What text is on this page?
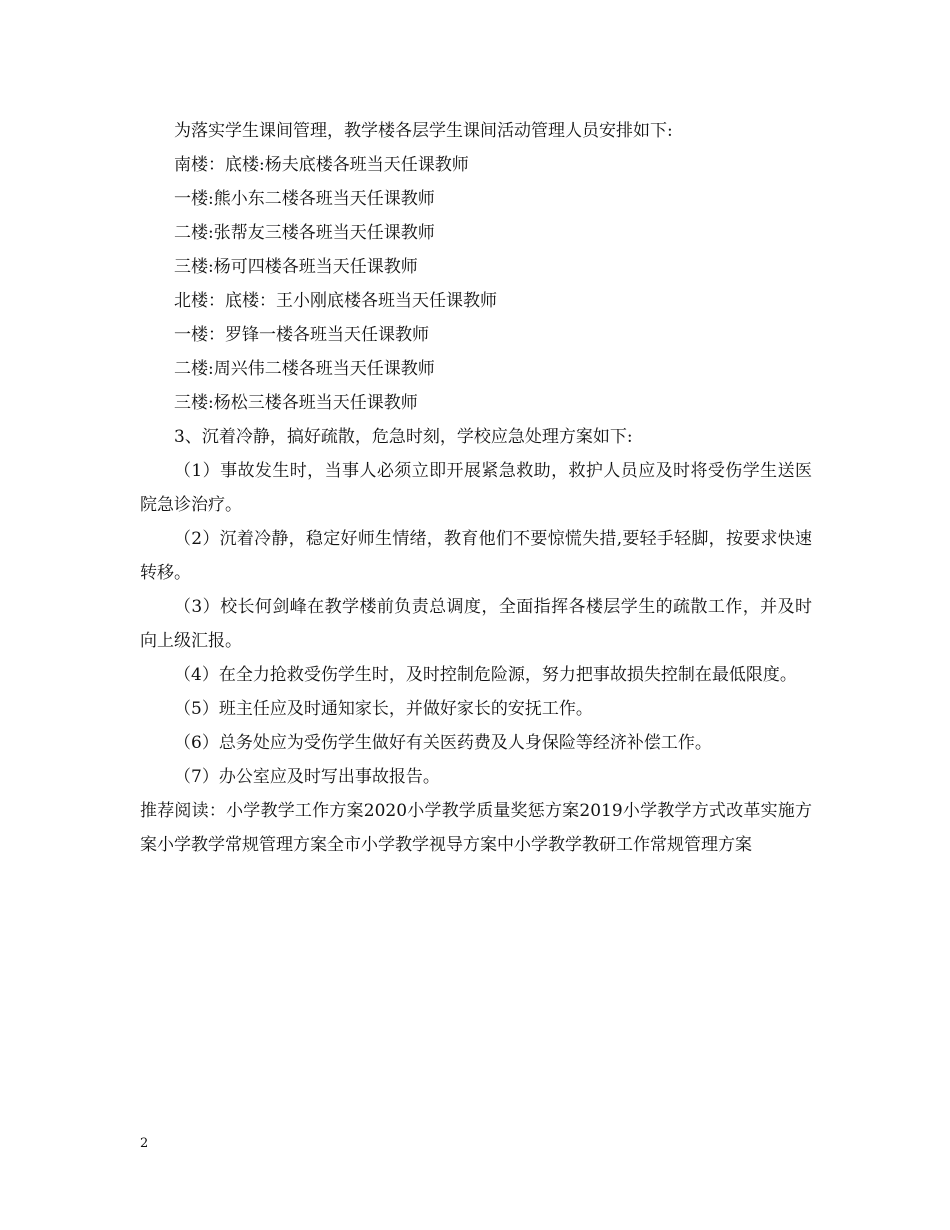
为落实学生课间管理，教学楼各层学生课间活动管理人员安排如下:

南楼：底楼:杨夫底楼各班当天任课教师

一楼:熊小东二楼各班当天任课教师

二楼:张帮友三楼各班当天任课教师

三楼:杨可四楼各班当天任课教师

北楼：底楼：王小刚底楼各班当天任课教师

一楼：罗锋一楼各班当天任课教师

二楼:周兴伟二楼各班当天任课教师

三楼:杨松三楼各班当天任课教师

3、沉着冷静，搞好疏散，危急时刻，学校应急处理方案如下:

（1）事故发生时，当事人必须立即开展紧急救助，救护人员应及时将受伤学生送医院急诊治疗。

（2）沉着冷静，稳定好师生情绪，教育他们不要惊慌失措,要轻手轻脚，按要求快速转移。

（3）校长何剑峰在教学楼前负责总调度，全面指挥各楼层学生的疏散工作，并及时向上级汇报。

（4）在全力抢救受伤学生时，及时控制危险源，努力把事故损失控制在最低限度。

（5）班主任应及时通知家长，并做好家长的安抚工作。

（6）总务处应为受伤学生做好有关医药费及人身保险等经济补偿工作。

（7）办公室应及时写出事故报告。

推荐阅读：小学教学工作方案2020小学教学质量奖惩方案2019小学教学方式改革实施方案小学教学常规管理方案全市小学教学视导方案中小学教学教研工作常规管理方案

2
